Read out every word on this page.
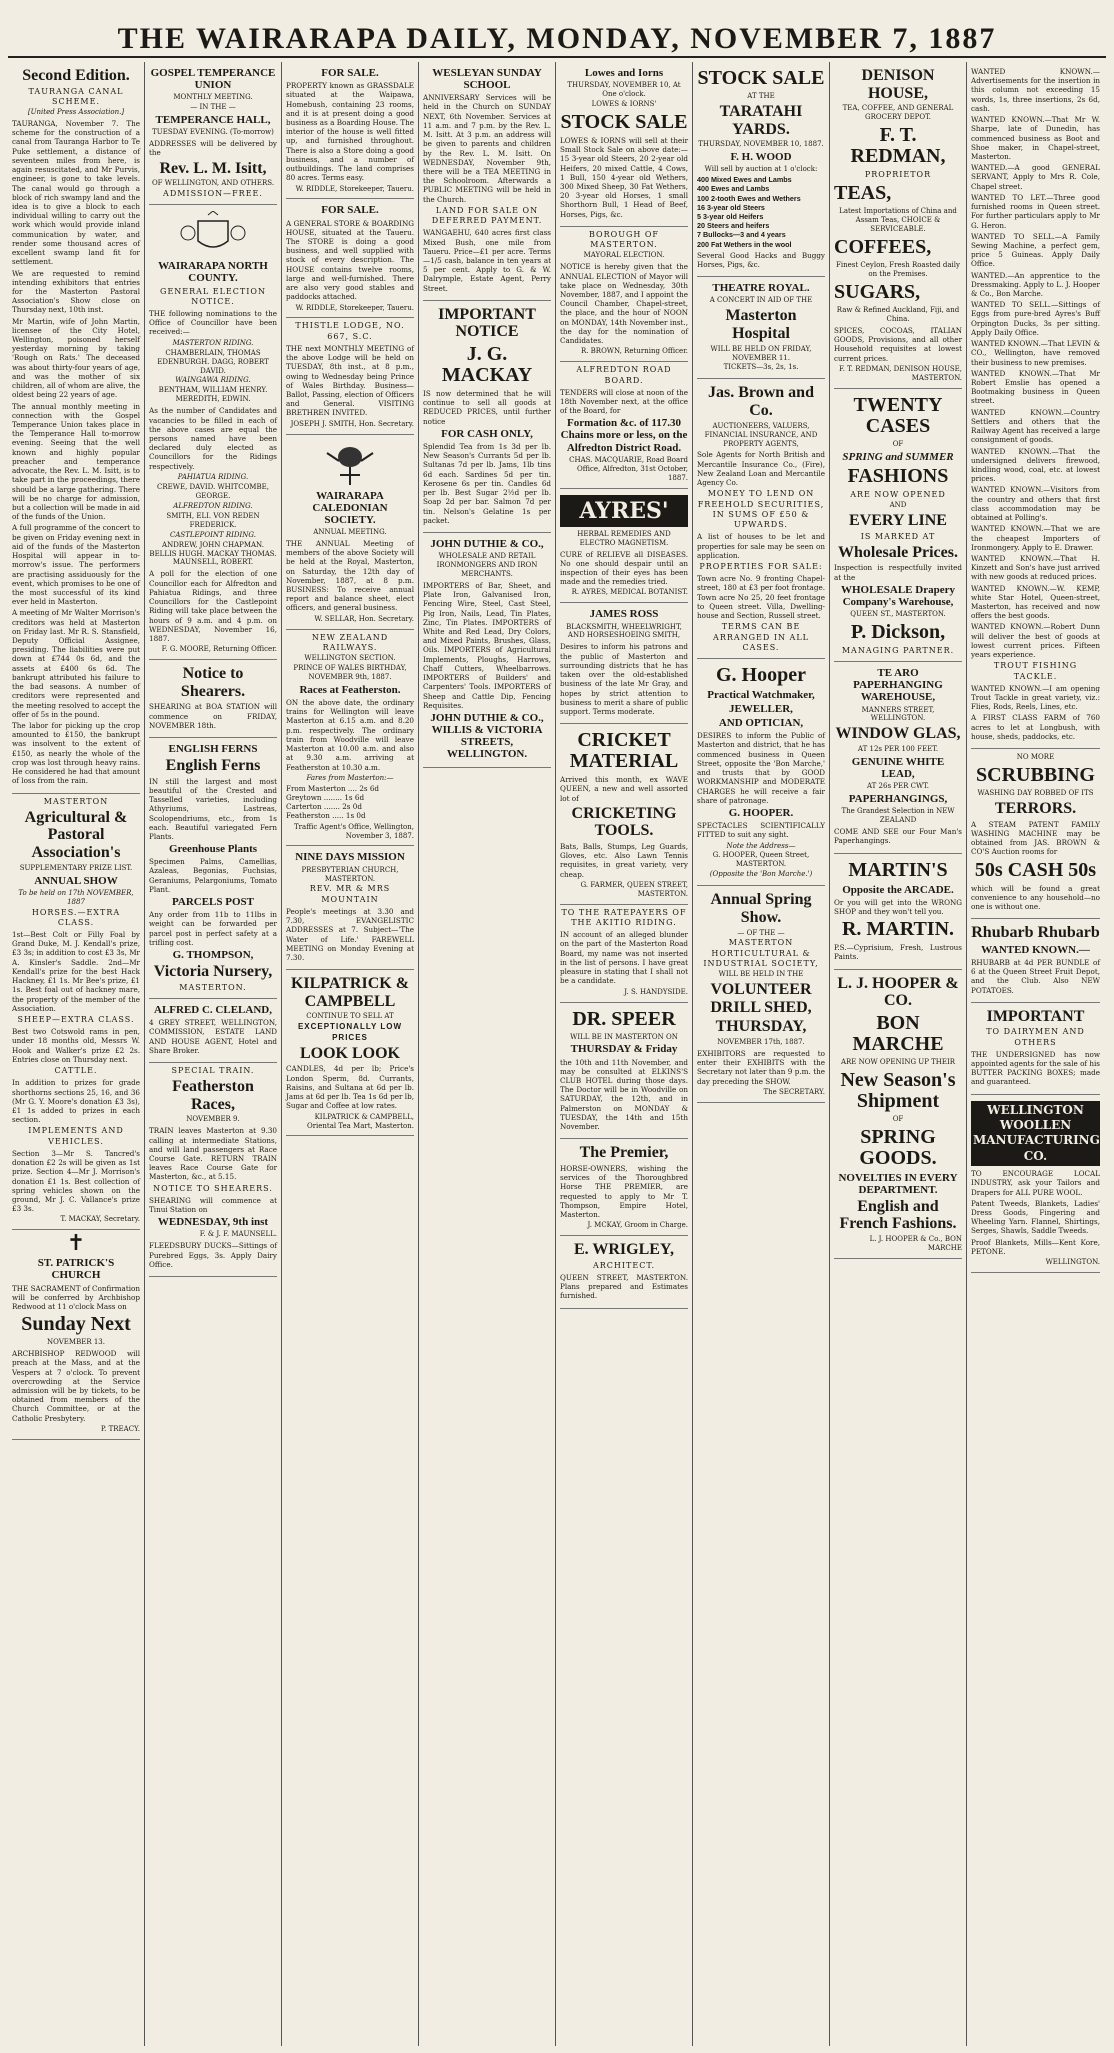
THE WAIRARAPA DAILY, MONDAY, NOVEMBER 7, 1887
Second Edition.
TAURANGA CANAL SCHEME.
[United Press Association.]

TAURANGA, November 7. The scheme for the construction of a canal from Tauranga Harbor to Te Puke settlement, a distance of seventeen miles from here, is again resuscitated, and Mr Purvis, engineer, is gone to take levels. The canal would go through a block of rich swampy land and the idea is to give a block to each individual willing to carry out the work which would provide inland communication by water, and render some thousand acres of excellent swamp land fit for settlement.

We are requested to remind intending exhibitors that entries for the Masterton Pastoral Association's Show close on Thursday next, 10th inst.

Mr Martin, wife of John Martin, licensee of the City Hotel, Wellington, poisoned herself yesterday morning by taking 'Rough on Rats.' The deceased was about thirty-four years of age, and was the mother of six children, all of whom are alive, the oldest being 22 years of age.

The annual monthly meeting in connection with the Gospel Temperance Union takes place in the Temperance Hall to-morrow evening. Seeing that the well known and highly popular preacher and temperance advocate, the Rev. L. M. Isitt, is to take part in the proceedings, there should be a large gathering. There will be no charge for admission, but a collection will be made in aid of the funds of the Union.

A full programme of the concert to be given on Friday evening next in aid of the funds of the Masterton Hospital will appear in to-morrow's issue. The performers are practising assiduously for the event, which promises to be one of the most successful of its kind ever held in Masterton.

A meeting of Mr Walter Morrison's creditors was held at Masterton on Friday last. Mr R. S. Stansfield, Deputy Official Assignee, presiding. The liabilities were put down at £744 0s 6d, and the assets at £400 6s 6d. The bankrupt attributed his failure to the bad seasons. A number of creditors were represented and the meeting resolved to accept the offer of 5s in the pound.

The labor for picking up the crop amounted to £150, the bankrupt was insolvent to the extent of £150, as nearly the whole of the crop was lost through heavy rains. He considered he had that amount of loss from the rain.

MASTERTON
Agricultural & Pastoral Association's
SUPPLEMENTARY PRIZE LIST.
ANNUAL SHOW
To be held on 17th NOVEMBER, 1887
HORSES.—EXTRA CLASS.

1st—Best Colt or Filly Foal by Grand Duke, M. J. Kendall's prize, £3 3s; in addition to cost £3 3s, Mr A. Kinsler's Saddle. 2nd—Mr Kendall's prize for the best Hack Hackney, £1 1s. Mr Bee's prize, £1 1s. Best foal out of hackney mare, the property of the member of the Association.

SHEEP—EXTRA CLASS.

Best two Cotswold rams in pen, under 18 months old, Messrs W. Hook and Walker's prize £2 2s. Entries close on Thursday next.

CATTLE.

In addition to prizes for grade shorthorns sections 25, 16, and 36 (Mr G. Y. Moore's donation £3 3s), £1 1s added to prizes in each section.

IMPLEMENTS AND VEHICLES.

Section 3—Mr S. Tancred's donation £2 2s will be given as 1st prize. Section 4—Mr J. Morrison's donation £1 1s. Best collection of spring vehicles shown on the ground, Mr J. C. Vallance's prize £3 3s.

T. MACKAY, Secretary.
✝
ST. PATRICK'S CHURCH

THE SACRAMENT of Confirmation will be conferred by Archbishop Redwood at 11 o'clock Mass on

Sunday Next
NOVEMBER 13.

ARCHBISHOP REDWOOD will preach at the Mass, and at the Vespers at 7 o'clock. To prevent overcrowding at the Service admission will be by tickets, to be obtained from members of the Church Committee, or at the Catholic Presbytery.

P. TREACY.
GOSPEL TEMPERANCE UNION
MONTHLY MEETING.
— IN THE —
TEMPERANCE HALL,
TUESDAY EVENING. (To-morrow)

ADDRESSES will be delivered by the

Rev. L. M. Isitt,
OF WELLINGTON, AND OTHERS.
ADMISSION—FREE.
WAIRARAPA NORTH COUNTY.
GENERAL ELECTION NOTICE.

THE following nominations to the Office of Councillor have been received:—

MASTERTON RIDING.
CHAMBERLAIN, THOMAS EDENBURGH. DAGG, ROBERT DAVID.
WAINGAWA RIDING.
BENTHAM, WILLIAM HENRY. MEREDITH, EDWIN.

As the number of Candidates and vacancies to be filled in each of the above cases are equal the persons named have been declared duly elected as Councillors for the Ridings respectively.

PAHIATUA RIDING.
CREWE, DAVID. WHITCOMBE, GEORGE.
ALFREDTON RIDING.
SMITH, ELI. VON REDEN FREDERICK.
CASTLEPOINT RIDING.
ANDREW, JOHN CHAPMAN. BELLIS HUGH. MACKAY THOMAS. MAUNSELL, ROBERT.

A poll for the election of one Councillor each for Alfredton and Pahiatua Ridings, and three Councillors for the Castlepoint Riding will take place between the hours of 9 a.m. and 4 p.m. on WEDNESDAY, November 16, 1887.

F. G. MOORE, Returning Officer.
Notice to Shearers.

SHEARING at BOA STATION will commence on FRIDAY, NOVEMBER 18th.

ENGLISH FERNS
English Ferns

IN still the largest and most beautiful of the Crested and Tasselled varieties, including Athyriums, Lastreas, Scolopendriums, etc., from 1s each. Beautiful variegated Fern Plants.

Greenhouse Plants

Specimen Palms, Camellias, Azaleas, Begonias, Fuchsias, Geraniums, Pelargoniums, Tomato Plant.

PARCELS POST

Any order from 11b to 11lbs in weight can be forwarded per parcel post in perfect safety at a trifling cost.

G. THOMPSON,
Victoria Nursery,
MASTERTON.
ALFRED C. CLELAND,

4 GREY STREET, WELLINGTON, COMMISSION, ESTATE LAND AND HOUSE AGENT, Hotel and Share Broker.

SPECIAL TRAIN.
Featherston Races,
NOVEMBER 9.

TRAIN leaves Masterton at 9.30 calling at intermediate Stations, and will land passengers at Race Course Gate. RETURN TRAIN leaves Race Course Gate for Masterton, &c., at 5.15.

NOTICE TO SHEARERS.

SHEARING will commence at Tinui Station on

WEDNESDAY, 9th inst
F. & J. F. MAUNSELL.

FLEEDSBURY DUCKS—Sittings of Purebred Eggs, 3s. Apply Dairy Office.

FOR SALE.

PROPERTY known as GRASSDALE situated at the Waipawa, Homebush, containing 23 rooms, and it is at present doing a good business as a Boarding House. The interior of the house is well fitted up, and furnished throughout. There is also a Store doing a good business, and a number of outbuildings. The land comprises 80 acres. Terms easy.

W. RIDDLE, Storekeeper, Taueru.
FOR SALE.

A GENERAL STORE & BOARDING HOUSE, situated at the Taueru. The STORE is doing a good business, and well supplied with stock of every description. The HOUSE contains twelve rooms, large and well-furnished. There are also very good stables and paddocks attached.

W. RIDDLE, Storekeeper, Taueru.
THISTLE LODGE, NO. 667, S.C.

THE next MONTHLY MEETING of the above Lodge will be held on TUESDAY, 8th inst., at 8 p.m., owing to Wednesday being Prince of Wales Birthday. Business—Ballot, Passing, election of Officers and General. VISITING BRETHREN INVITED.

JOSEPH J. SMITH, Hon. Secretary.
WAIRARAPA CALEDONIAN SOCIETY.
ANNUAL MEETING.

THE ANNUAL Meeting of members of the above Society will be held at the Royal, Masterton, on Saturday, the 12th day of November, 1887, at 8 p.m. BUSINESS: To receive annual report and balance sheet, elect officers, and general business.

W. SELLAR, Hon. Secretary.
NEW ZEALAND RAILWAYS.
WELLINGTON SECTION.
PRINCE OF WALES BIRTHDAY, NOVEMBER 9th, 1887.
Races at Featherston.

ON the above date, the ordinary trains for Wellington will leave Masterton at 6.15 a.m. and 8.20 p.m. respectively. The ordinary train from Woodville will leave Masterton at 10.00 a.m. and also at 9.30 a.m. arriving at Featherston at 10.30 a.m.

Fares from Masterton:—
From Masterton .... 2s 6d
Greytown ........ 1s 6d
Carterton ....... 2s 0d
Featherston ..... 1s 0d
Traffic Agent's Office, Wellington, November 3, 1887.
NINE DAYS MISSION
PRESBYTERIAN CHURCH, MASTERTON.
REV. MR & MRS MOUNTAIN

People's meetings at 3.30 and 7.30, EVANGELISTIC ADDRESSES at 7. Subject—'The Water of Life.' FAREWELL MEETING on Monday Evening at 7.30.

KILPATRICK & CAMPBELL
CONTINUE TO SELL AT
EXCEPTIONALLY LOW PRICES
LOOK LOOK

CANDLES, 4d per lb; Price's London Sperm, 8d. Currants, Raisins, and Sultana at 6d per lb. Jams at 6d per lb. Tea 1s 6d per lb, Sugar and Coffee at low rates.

KILPATRICK & CAMPBELL, Oriental Tea Mart, Masterton.
WESLEYAN SUNDAY SCHOOL

ANNIVERSARY Services will be held in the Church on SUNDAY NEXT, 6th November. Services at 11 a.m. and 7 p.m. by the Rev. L. M. Isitt. At 3 p.m. an address will be given to parents and children by the Rev. L. M. Isitt. On WEDNESDAY, November 9th, there will be a TEA MEETING in the Schoolroom. Afterwards a PUBLIC MEETING will be held in the Church.

LAND FOR SALE ON DEFERRED PAYMENT.

WANGAEHU, 640 acres first class Mixed Bush, one mile from Taueru. Price—£1 per acre. Terms—1/5 cash, balance in ten years at 5 per cent. Apply to G. & W. Dalrymple, Estate Agent, Perry Street.

IMPORTANT NOTICE
J. G. MACKAY

IS now determined that he will continue to sell all goods at REDUCED PRICES, until further notice

FOR CASH ONLY,

Splendid Tea from 1s 3d per lb. New Season's Currants 5d per lb. Sultanas 7d per lb. Jams, 1lb tins 6d each. Sardines 5d per tin. Kerosene 6s per tin. Candles 6d per lb. Best Sugar 2½d per lb. Soap 2d per bar. Salmon 7d per tin. Nelson's Gelatine 1s per packet.

JOHN DUTHIE & CO.,
WHOLESALE AND RETAIL IRONMONGERS AND IRON MERCHANTS.

IMPORTERS of Bar, Sheet, and Plate Iron, Galvanised Iron, Fencing Wire, Steel, Cast Steel, Pig Iron, Nails, Lead, Tin Plates, Zinc, Tin Plates. IMPORTERS of White and Red Lead, Dry Colors, and Mixed Paints, Brushes, Glass, Oils. IMPORTERS of Agricultural Implements, Ploughs, Harrows, Chaff Cutters, Wheelbarrows. IMPORTERS of Builders' and Carpenters' Tools. IMPORTERS of Sheep and Cattle Dip, Fencing Requisites.

JOHN DUTHIE & CO., WILLIS & VICTORIA STREETS, WELLINGTON.
Lowes and Iorns
THURSDAY, NOVEMBER 10, At One o'clock.
LOWES & IORNS'
STOCK SALE

LOWES & IORNS will sell at their Small Stock Sale on above date:— 15 3-year old Steers, 20 2-year old Heifers, 20 mixed Cattle, 4 Cows, 1 Bull, 150 4-year old Wethers, 300 Mixed Sheep, 30 Fat Wethers, 20 3-year old Horses, 1 small Shorthorn Bull, 1 Head of Beef, Horses, Pigs, &c.

BOROUGH OF MASTERTON.
MAYORAL ELECTION.

NOTICE is hereby given that the ANNUAL ELECTION of Mayor will take place on Wednesday, 30th November, 1887, and I appoint the Council Chamber, Chapel-street, the place, and the hour of NOON on MONDAY, 14th November inst., the day for the nomination of Candidates.

R. BROWN, Returning Officer.
ALFREDTON ROAD BOARD.

TENDERS will close at noon of the 18th November next, at the office of the Board, for

Formation &c. of 117.30 Chains more or less, on the Alfredton District Road.
CHAS. MACQUARIE, Road Board Office, Alfredton, 31st October, 1887.
AYRES'
HERBAL REMEDIES AND ELECTRO MAGNETISM.

CURE of RELIEVE all DISEASES. No one should despair until an inspection of their eyes has been made and the remedies tried.

R. AYRES, MEDICAL BOTANIST.
JAMES ROSS
BLACKSMITH, WHEELWRIGHT, AND HORSESHOEING SMITH,

Desires to inform his patrons and the public of Masterton and surrounding districts that he has taken over the old-established business of the late Mr Gray, and hopes by strict attention to business to merit a share of public support. Terms moderate.

CRICKET MATERIAL

Arrived this month, ex WAVE QUEEN, a new and well assorted lot of

CRICKETING TOOLS.

Bats, Balls, Stumps, Leg Guards, Gloves, etc. Also Lawn Tennis requisites, in great variety, very cheap.

G. FARMER, QUEEN STREET, MASTERTON.
TO THE RATEPAYERS OF THE AKITIO RIDING.

IN account of an alleged blunder on the part of the Masterton Road Board, my name was not inserted in the list of persons. I have great pleasure in stating that I shall not be a candidate.

J. S. HANDYSIDE.
DR. SPEER
WILL BE IN MASTERTON ON
THURSDAY & Friday

the 10th and 11th November, and may be consulted at ELKINS'S CLUB HOTEL during those days. The Doctor will be in Woodville on SATURDAY, the 12th, and in Palmerston on MONDAY & TUESDAY, the 14th and 15th November.

The Premier,

HORSE-OWNERS, wishing the services of the Thoroughbred Horse THE PREMIER, are requested to apply to Mr T. Thompson, Empire Hotel, Masterton.

J. MCKAY, Groom in Charge.
E. WRIGLEY,
ARCHITECT.

QUEEN STREET, MASTERTON. Plans prepared and Estimates furnished.

STOCK SALE
AT THE
TARATAHI YARDS.
THURSDAY, NOVEMBER 10, 1887.
F. H. WOOD
Will sell by auction at 1 o'clock:
400 Mixed Ewes and Lambs
400 Ewes and Lambs
100 2-tooth Ewes and Wethers
16 3-year old Steers
5 3-year old Heifers
20 Steers and heifers
7 Bullocks—3 and 4 years
200 Fat Wethers in the wool

Several Good Hacks and Buggy Horses, Pigs, &c.

THEATRE ROYAL.
A CONCERT IN AID OF THE
Masterton Hospital
WILL BE HELD ON FRIDAY, NOVEMBER 11.
TICKETS—3s, 2s, 1s.
Jas. Brown and Co.
AUCTIONEERS, VALUERS, FINANCIAL INSURANCE, AND PROPERTY AGENTS,

Sole Agents for North British and Mercantile Insurance Co., (Fire), New Zealand Loan and Mercantile Agency Co.

MONEY TO LEND ON FREEHOLD SECURITIES, IN SUMS OF £50 & UPWARDS.

A list of houses to be let and properties for sale may be seen on application.

PROPERTIES FOR SALE:

Town acre No. 9 fronting Chapel-street, 180 at £3 per foot frontage. Town acre No 25, 20 feet frontage to Queen street. Villa, Dwelling-house and Section, Russell street.

TERMS CAN BE ARRANGED IN ALL CASES.
G. Hooper
Practical Watchmaker,
JEWELLER,
AND OPTICIAN,

DESIRES to inform the Public of Masterton and district, that he has commenced business in Queen Street, opposite the 'Bon Marche,' and trusts that by GOOD WORKMANSHIP and MODERATE CHARGES he will receive a fair share of patronage.

G. HOOPER.

SPECTACLES SCIENTIFICALLY FITTED to suit any sight.

Note the Address—
G. HOOPER, Queen Street, MASTERTON.
(Opposite the 'Bon Marche.')
Annual Spring Show.
— OF THE —
MASTERTON HORTICULTURAL & INDUSTRIAL SOCIETY,
WILL BE HELD IN THE
VOLUNTEER DRILL SHED,
THURSDAY,
NOVEMBER 17th, 1887.

EXHIBITORS are requested to enter their EXHIBITS with the Secretary not later than 9 p.m. the day preceding the SHOW.

The SECRETARY.
DENISON HOUSE,
TEA, COFFEE, AND GENERAL GROCERY DEPOT.
F. T. REDMAN,
PROPRIETOR
TEAS,
Latest Importations of China and Assam Teas, CHOICE & SERVICEABLE.
COFFEES,
Finest Ceylon, Fresh Roasted daily on the Premises.
SUGARS,
Raw & Refined Auckland, Fiji, and China.

SPICES, COCOAS, ITALIAN GOODS, Provisions, and all other Household requisites at lowest current prices.

F. T. REDMAN, DENISON HOUSE, MASTERTON.
TWENTY CASES
OF
SPRING and SUMMER
FASHIONS
ARE NOW OPENED
AND
EVERY LINE
IS MARKED AT
Wholesale Prices.

Inspection is respectfully invited at the

WHOLESALE Drapery Company's Warehouse,
QUEEN ST., MASTERTON.
P. Dickson,
MANAGING PARTNER.
TE ARO PAPERHANGING WAREHOUSE,
MANNERS STREET, WELLINGTON.
WINDOW GLAS,
AT 12s PER 100 FEET.
GENUINE WHITE LEAD,
AT 26s PER CWT.
PAPERHANGINGS,
The Grandest Selection in NEW ZEALAND

COME AND SEE our Four Man's Paperhangings.

MARTIN'S
Opposite the ARCADE.

Or you will get into the WRONG SHOP and they won't tell you.

R. MARTIN.

P.S.—Cyprisium, Fresh, Lustrous Paints.

L. J. HOOPER & CO.
BON MARCHE
ARE NOW OPENING UP THEIR
New Season's Shipment
OF
SPRING GOODS.
NOVELTIES IN EVERY DEPARTMENT.
English and French Fashions.
L. J. HOOPER & Co., BON MARCHE

WANTED KNOWN.—Advertisements for the insertion in this column not exceeding 15 words, 1s, three insertions, 2s 6d, cash.

WANTED KNOWN.—That Mr W. Sharpe, late of Dunedin, has commenced business as Boot and Shoe maker, in Chapel-street, Masterton.

WANTED.—A good GENERAL SERVANT, Apply to Mrs R. Cole, Chapel street.

WANTED TO LET.—Three good furnished rooms in Queen street. For further particulars apply to Mr G. Heron.

WANTED TO SELL.—A Family Sewing Machine, a perfect gem, price 5 Guineas. Apply Daily Office.

WANTED.—An apprentice to the Dressmaking. Apply to L. J. Hooper & Co., Bon Marche.

WANTED TO SELL.—Sittings of Eggs from pure-bred Ayres's Buff Orpington Ducks, 3s per sitting. Apply Daily Office.

WANTED KNOWN.—That LEVIN & CO., Wellington, have removed their business to new premises.

WANTED KNOWN.—That Mr Robert Emslie has opened a Bootmaking business in Queen street.

WANTED KNOWN.—Country Settlers and others that the Railway Agent has received a large consignment of goods.

WANTED KNOWN.—That the undersigned delivers firewood, kindling wood, coal, etc. at lowest prices.

WANTED KNOWN.—Visitors from the country and others that first class accommodation may be obtained at Polling's.

WANTED KNOWN.—That we are the cheapest Importers of Ironmongery. Apply to E. Drawer.

WANTED KNOWN.—That H. Kinzett and Son's have just arrived with new goods at reduced prices.

WANTED KNOWN.—W. KEMP, white Star Hotel, Queen-street, Masterton, has received and now offers the best goods.

WANTED KNOWN.—Robert Dunn will deliver the best of goods at lowest current prices. Fifteen years experience.

TROUT FISHING TACKLE.

WANTED KNOWN.—I am opening Trout Tackle in great variety, viz.: Flies, Rods, Reels, Lines, etc.

A FIRST CLASS FARM of 760 acres to let at Longbush, with house, sheds, paddocks, etc.

NO MORE
SCRUBBING
WASHING DAY ROBBED OF ITS
TERRORS.

A STEAM PATENT FAMILY WASHING MACHINE may be obtained from JAS. BROWN & CO'S Auction rooms for

50s CASH 50s

which will be found a great convenience to any household—no one is without one.

Rhubarb Rhubarb
WANTED KNOWN.—

RHUBARB at 4d PER BUNDLE of 6 at the Queen Street Fruit Depot, and the Club. Also NEW POTATOES.

IMPORTANT
TO DAIRYMEN AND OTHERS

THE UNDERSIGNED has now appointed agents for the sale of his BUTTER PACKING BOXES; made and guaranteed.

WELLINGTON WOOLLEN MANUFACTURING CO.

TO ENCOURAGE LOCAL INDUSTRY, ask your Tailors and Drapers for ALL PURE WOOL.

Patent Tweeds, Blankets, Ladies' Dress Goods, Fingering and Wheeling Yarn. Flannel, Shirtings, Serges, Shawls, Saddle Tweeds.

Proof Blankets, Mills—Kent Kore, PETONE.

WELLINGTON.
